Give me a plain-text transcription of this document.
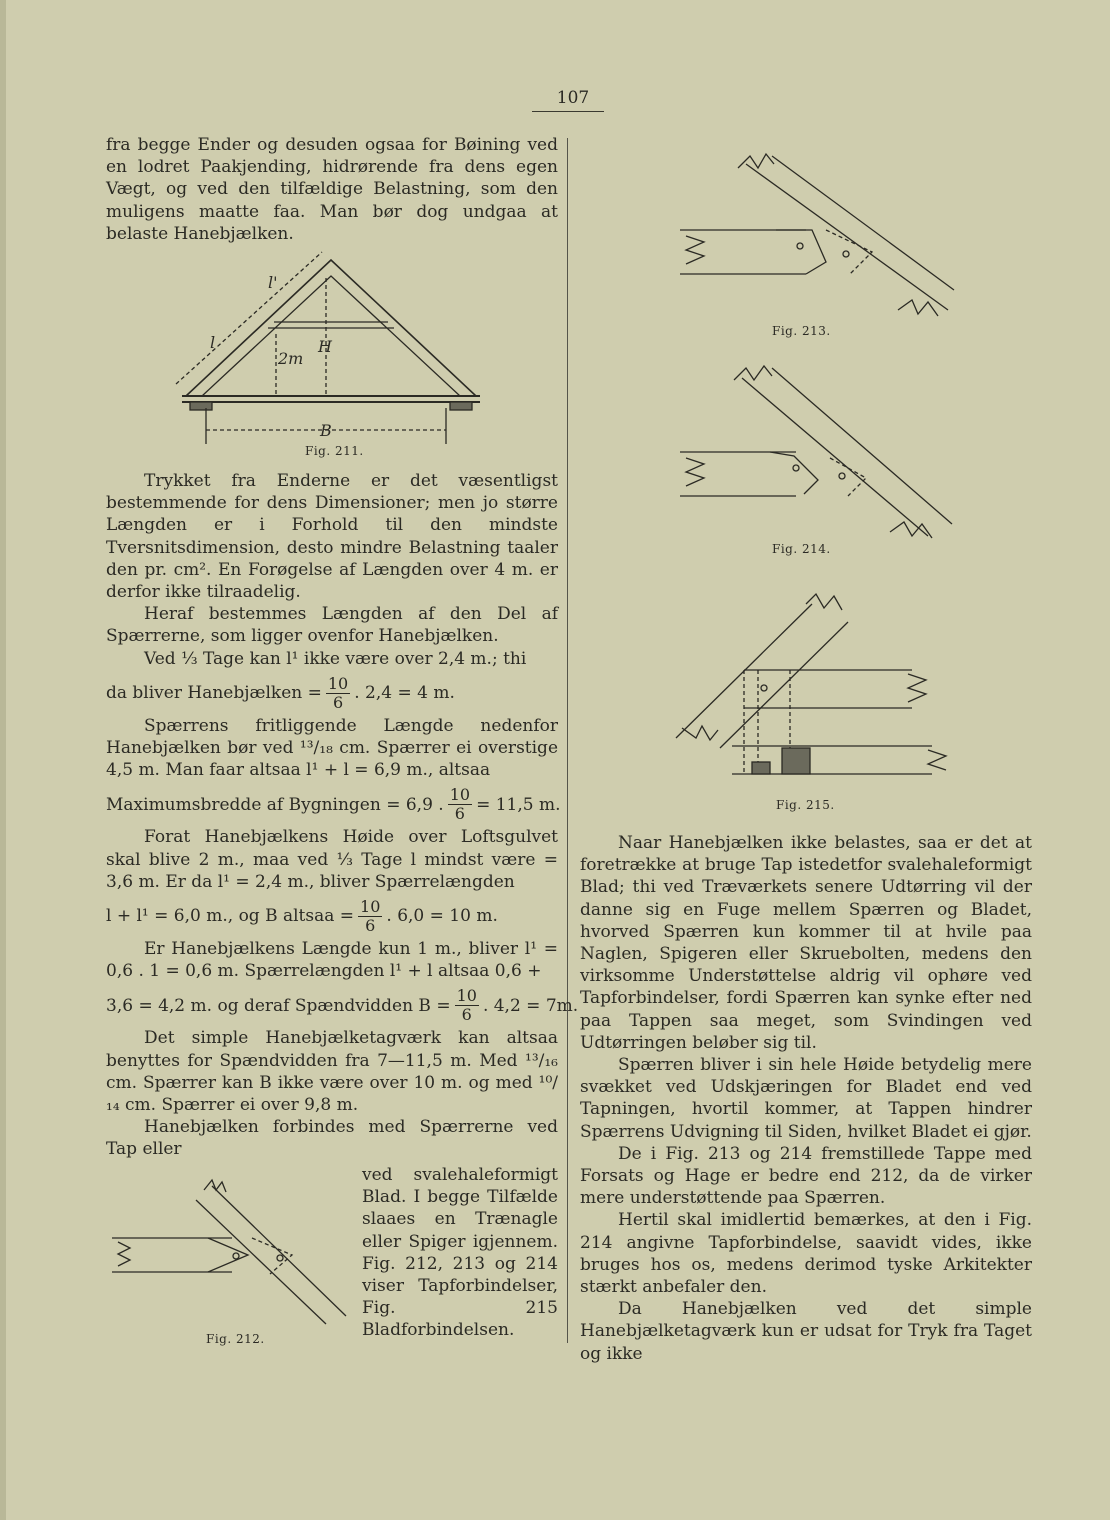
107

fra begge Ender og desuden ogsaa for Bøining ved en lodret Paakjending, hidrørende fra dens egen Vægt, og ved den tilfældige Belastning, som den muligens maatte faa. Man bør dog undgaa at belaste Hanebjælken.

l'
l
2m
H
B
Fig. 211.

Trykket fra Enderne er det væsentligst bestemmende for dens Dimensioner; men jo større Længden er i Forhold til den mindste Tversnitsdimension, desto mindre Belastning taaler den pr. cm². En Forøgelse af Længden over 4 m. er derfor ikke tilraadelig.

Heraf bestemmes Længden af den Del af Spærrerne, som ligger ovenfor Hanebjælken.

Ved ⅓ Tage kan l¹ ikke være over 2,4 m.; thi

da bliver Hanebjælken = $\frac{10}{6}$ . 2,4 = 4 m.

Spærrens fritliggende Længde nedenfor Hanebjælken bør ved ¹³/₁₈ cm. Spærrer ei overstige 4,5 m. Man faar altsaa l¹ + l = 6,9 m., altsaa

Maximumsbredde af Bygningen = 6,9 . $\frac{10}{6} = 11,5$ m.

Forat Hanebjælkens Høide over Loftsgulvet skal blive 2 m., maa ved ⅓ Tage l mindst være = 3,6 m. Er da l¹ = 2,4 m., bliver Spærrelængden

l + l¹ = 6,0 m., og B altsaa = $\frac{10}{6}$ . 6,0 = 10 m.

Er Hanebjælkens Længde kun 1 m., bliver l¹ = 0,6 . 1 = 0,6 m. Spærrelængden l¹ + l altsaa 0,6 +

3,6 = 4,2 m. og deraf Spændvidden $B = \frac{10}{6}$ . 4,2 = 7m.

Det simple Hanebjælketagværk kan altsaa benyttes for Spændvidden fra 7—11,5 m. Med ¹³/₁₆ cm. Spærrer kan B ikke være over 10 m. og med ¹⁰/₁₄ cm. Spærrer ei over 9,8 m.

Hanebjælken forbindes med Spærrerne ved Tap eller

Fig. 212.
ved svalehaleformigt Blad. I begge Tilfælde slaaes en Trænagle eller Spiger igjennem. Fig. 212, 213 og 214 viser Tapforbindelser, Fig. 215 Bladforbindelsen.
Fig. 213.
Fig. 214.
Fig. 215.

Naar Hanebjælken ikke belastes, saa er det at foretrække at bruge Tap istedetfor svalehaleformigt Blad; thi ved Træværkets senere Udtørring vil der danne sig en Fuge mellem Spærren og Bladet, hvorved Spærren kun kommer til at hvile paa Naglen, Spigeren eller Skruebolten, medens den virksomme Understøttelse aldrig vil ophøre ved Tapforbindelser, fordi Spærren kan synke efter ned paa Tappen saa meget, som Svindingen ved Udtørringen beløber sig til.

Spærren bliver i sin hele Høide betydelig mere svækket ved Udskjæringen for Bladet end ved Tapningen, hvortil kommer, at Tappen hindrer Spærrens Udvigning til Siden, hvilket Bladet ei gjør.

De i Fig. 213 og 214 fremstillede Tappe med Forsats og Hage er bedre end 212, da de virker mere understøttende paa Spærren.

Hertil skal imidlertid bemærkes, at den i Fig. 214 angivne Tapforbindelse, saavidt vides, ikke bruges hos os, medens derimod tyske Arkitekter stærkt anbefaler den.

Da Hanebjælken ved det simple Hanebjælketagværk kun er udsat for Tryk fra Taget og ikke
